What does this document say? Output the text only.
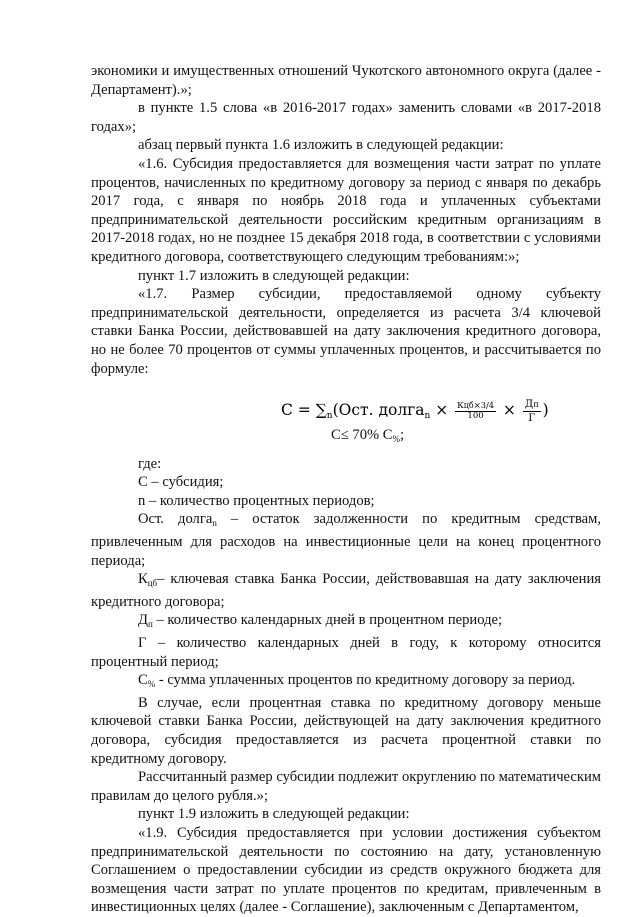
экономики и имущественных отношений Чукотского автономного округа (далее - Департамент).»;

в пункте 1.5 слова «в 2016-2017 годах» заменить словами «в 2017-2018 годах»;

абзац первый пункта 1.6 изложить в следующей редакции:

«1.6. Субсидия предоставляется для возмещения части затрат по уплате процентов, начисленных по кредитному договору за период с января по декабрь 2017 года, с января по ноябрь 2018 года и уплаченных субъектами предпринимательской деятельности российским кредитным организациям в 2017-2018 годах, но не позднее 15 декабря 2018 года, в соответствии с условиями кредитного договора, соответствующего следующим требованиям:»;

пункт 1.7 изложить в следующей редакции:

«1.7. Размер субсидии, предоставляемой одному субъекту предпринимательской деятельности, определяется из расчета 3/4 ключевой ставки Банка России, действовавшей на дату заключения кредитного договора, но не более 70 процентов от суммы уплаченных процентов, и рассчитывается по формуле:

$С = \sum_n(Ост$. долга$_n$ × $\frac{\text{Кцб×3/4}}{100} \times \frac{Дп}{Г}$ )

С≤ 70% $С_{\%}$;

где:

С – субсидия;

n – количество процентных периодов;

Ост. долга$_n$ – остаток задолженности по кредитным средствам, привлеченным для расходов на инвестиционные цели на конец процентного периода;

$К_{цб}-$ ключевая ставка Банка России, действовавшая на дату заключения кредитного договора;

$Д_п$ – количество календарных дней в процентном периоде;

Г – количество календарных дней в году, к которому относится процентный период;

$С_{\%}$ - сумма уплаченных процентов по кредитному договору за период.

В случае, если процентная ставка по кредитному договору меньше ключевой ставки Банка России, действующей на дату заключения кредитного договора, субсидия предоставляется из расчета процентной ставки по кредитному договору.

Рассчитанный размер субсидии подлежит округлению по математическим правилам до целого рубля.»;

пункт 1.9 изложить в следующей редакции:

«1.9. Субсидия предоставляется при условии достижения субъектом предпринимательской деятельности по состоянию на дату, установленную Соглашением о предоставлении субсидии из средств окружного бюджета для возмещения части затрат по уплате процентов по кредитам, привлеченным в инвестиционных целях (далее - Соглашение), заключенным с Департаментом,
